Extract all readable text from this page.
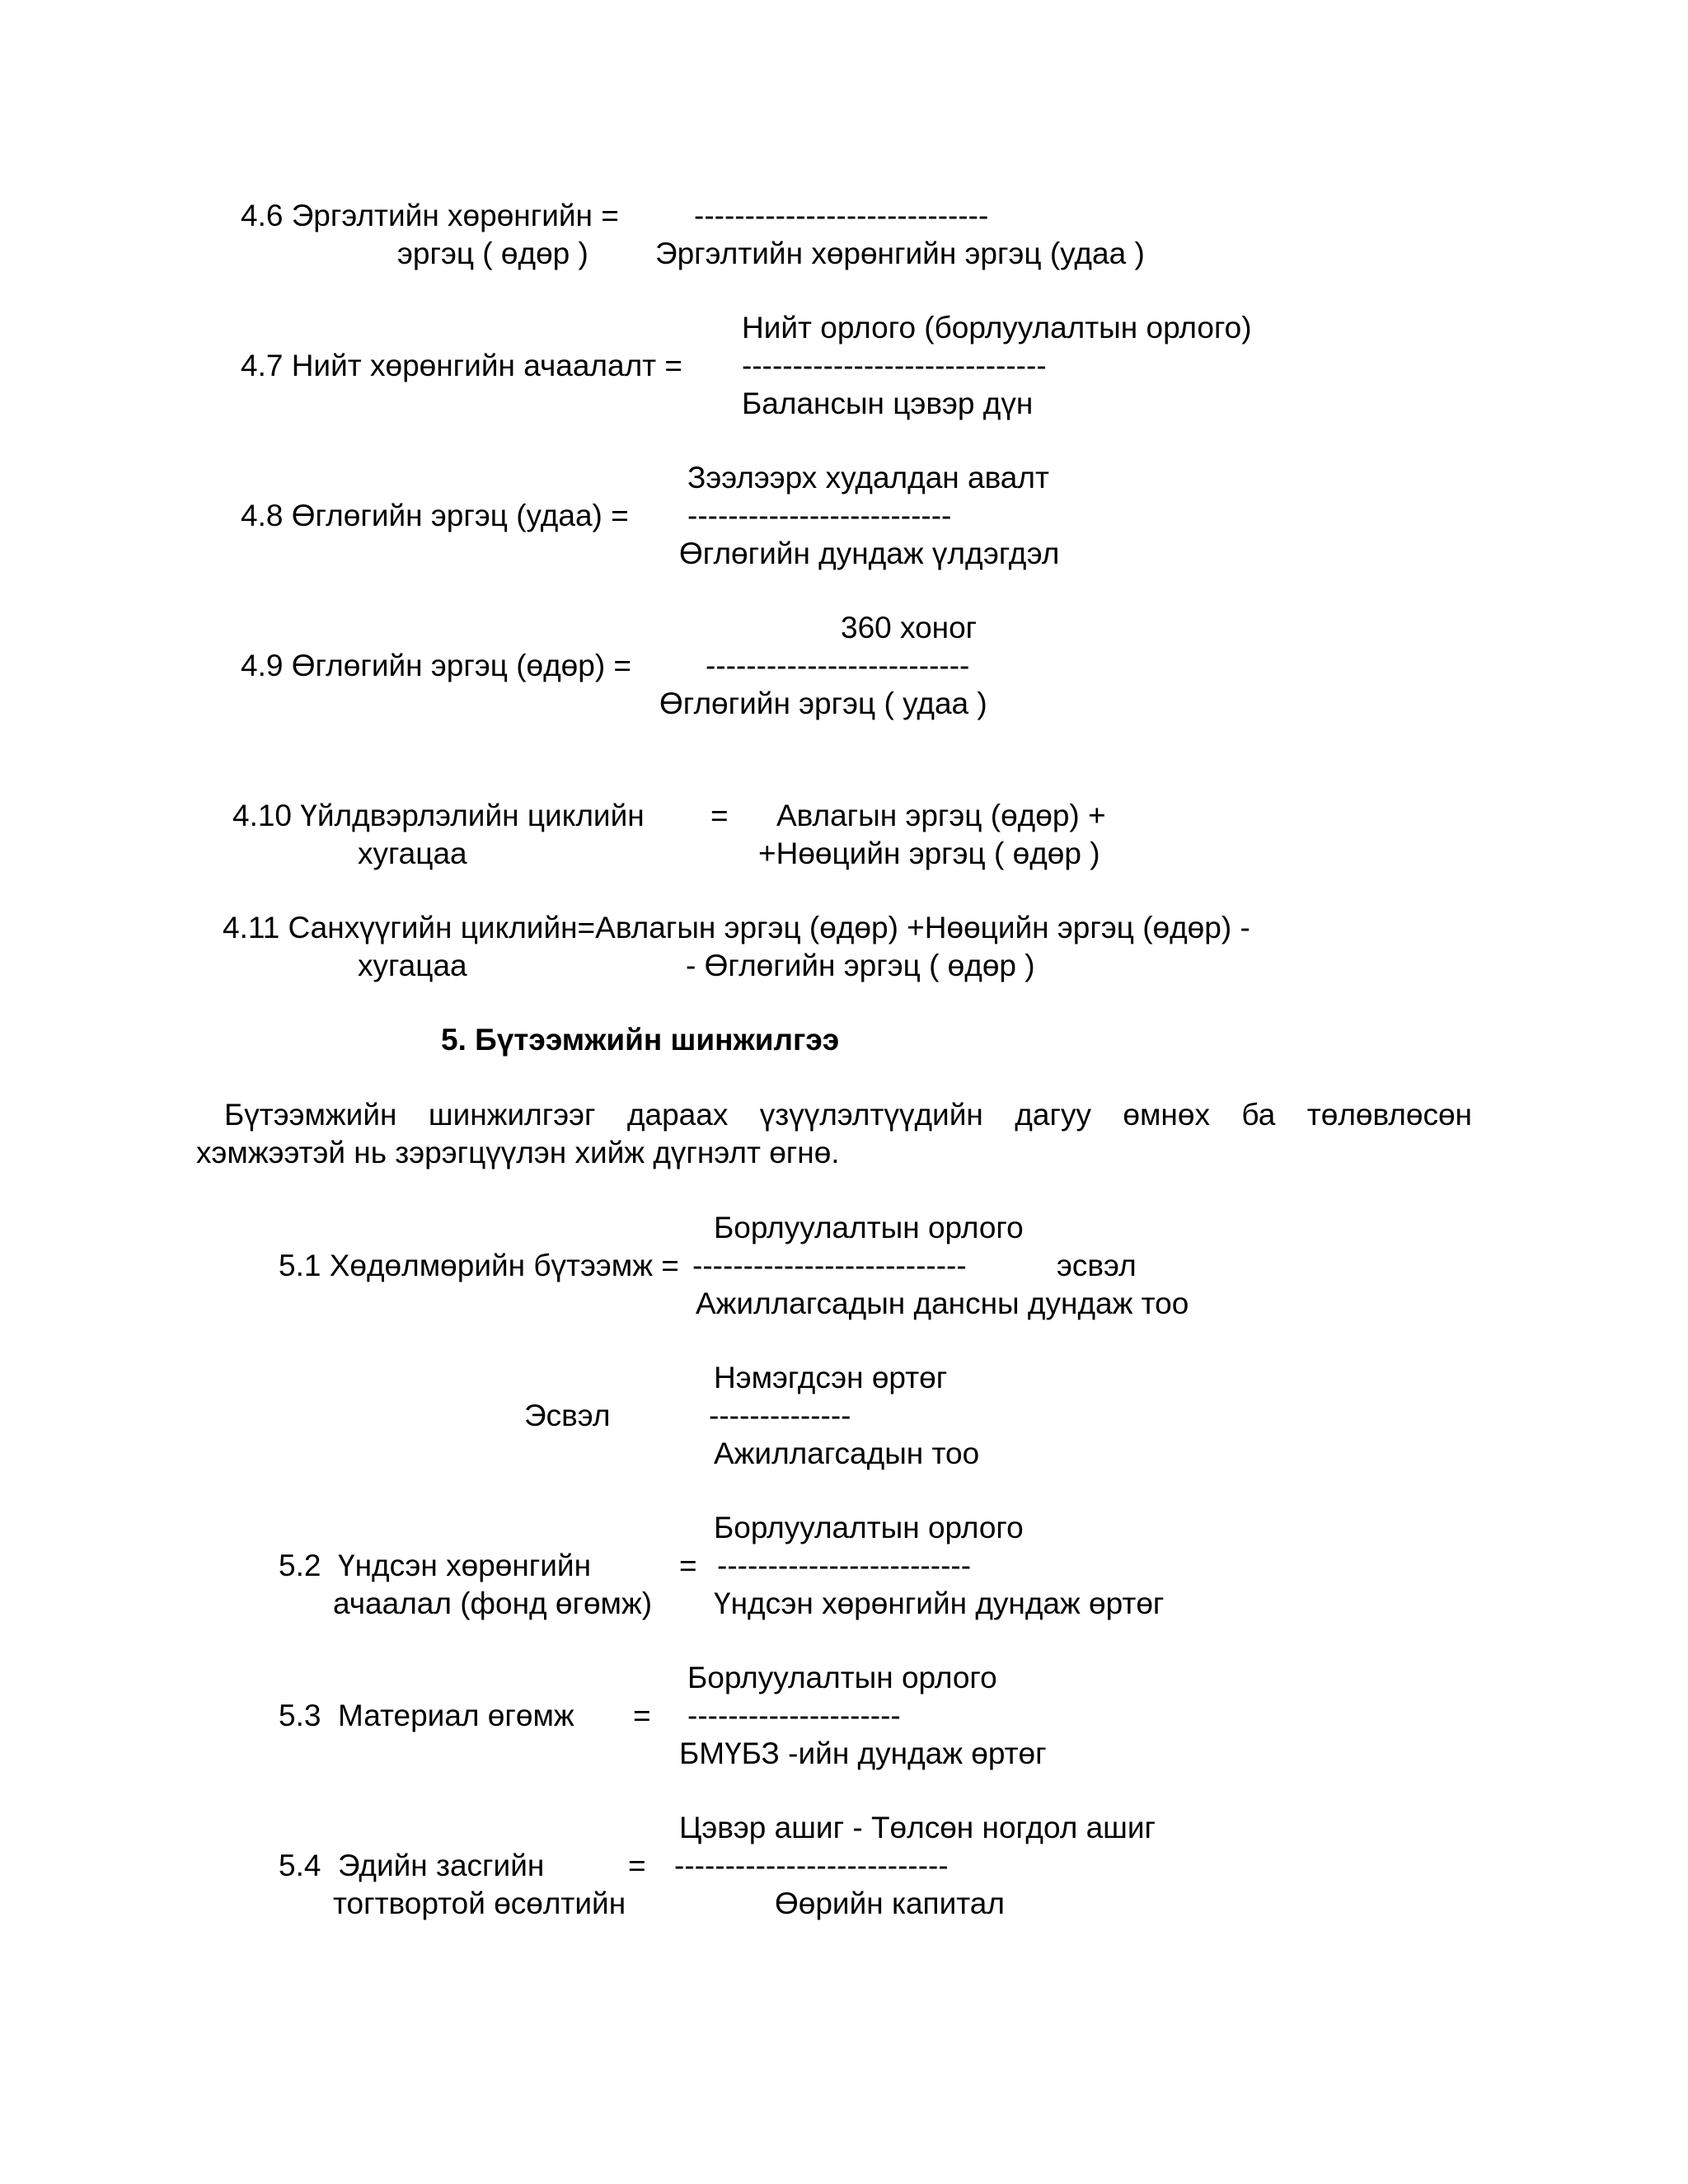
4.6 Эргэлтийн хөрөнгийн = -----------------------------
эргэц ( өдөр ) Эргэлтийн хөрөнгийн эргэц (удаа )
Нийт орлого (борлуулалтын орлого)
4.7 Нийт хөрөнгийн ачаалалт = ------------------------------
Балансын цэвэр дүн
Зээлээрх худалдан авалт
4.8 Өглөгийн эргэц (удаа) = --------------------------
Өглөгийн дундаж үлдэгдэл
360 хоног
4.9 Өглөгийн эргэц (өдөр) = --------------------------
Өглөгийн эргэц ( удаа )
4.10 Үйлдвэрлэлийн циклийн = Авлагын эргэц (өдөр) +
хугацаа	+Нөөцийн эргэц ( өдөр )
4.11 Санхүүгийн циклийн=Авлагын эргэц (өдөр) +Нөөцийн эргэц (өдөр) -
хугацаа	- Өглөгийн эргэц ( өдөр )
5. Бүтээмжийн шинжилгээ
Бүтээмжийн шинжилгээг дараах үзүүлэлтүүдийн дагуу өмнөх ба төлөвлөсөн
хэмжээтэй нь зэрэгцүүлэн хийж дүгнэлт өгнө.
Борлуулалтын орлого
5.1 Хөдөлмөрийн бүтээмж = ---------------------------	эсвэл
Ажиллагсадын дансны дундаж тоо
Нэмэгдсэн өртөг
Эсвэл	--------------
Ажиллагсадын тоо
Борлуулалтын орлого
5.2  Үндсэн хөрөнгийн	= -------------------------
ачаалал (фонд өгөмж) Үндсэн хөрөнгийн дундаж өртөг
Борлуулалтын орлого
5.3  Материал өгөмж = ---------------------
БМҮБЗ -ийн дундаж өртөг
Цэвэр ашиг - Төлсөн ногдол ашиг
5.4  Эдийн засгийн	= ---------------------------
тогтвортой өсөлтийн	Өөрийн капитал
